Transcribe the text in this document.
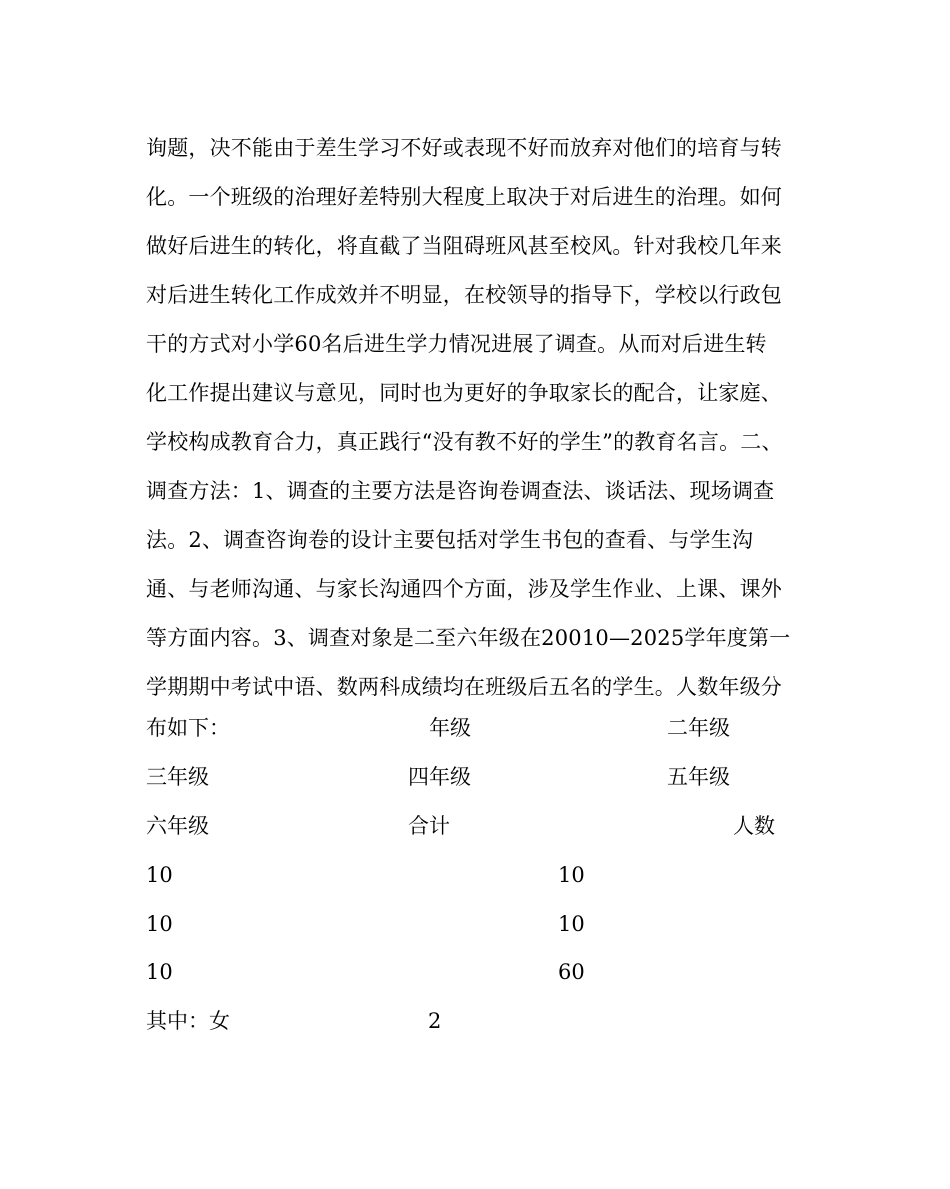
询题，决不能由于差生学习不好或表现不好而放弃对他们的培育与转
化。一个班级的治理好差特别大程度上取决于对后进生的治理。如何
做好后进生的转化，将直截了当阻碍班风甚至校风。针对我校几年来
对后进生转化工作成效并不明显，在校领导的指导下，学校以行政包
干的方式对小学60名后进生学力情况进展了调查。从而对后进生转
化工作提出建议与意见，同时也为更好的争取家长的配合，让家庭、
学校构成教育合力，真正践行“没有教不好的学生”的教育名言。二、
调查方法：1、调查的主要方法是咨询卷调查法、谈话法、现场调查
法。2、调查咨询卷的设计主要包括对学生书包的查看、与学生沟
通、与老师沟通、与家长沟通四个方面，涉及学生作业、上课、课外
等方面内容。3、调查对象是二至六年级在20010—2025学年度第一
学期期中考试中语、数两科成绩均在班级后五名的学生。人数年级分
布如下：	年级	二年级
三年级	四年级	五年级
六年级	合计	人数
10	10
10	10
10	60
其中：女	2
